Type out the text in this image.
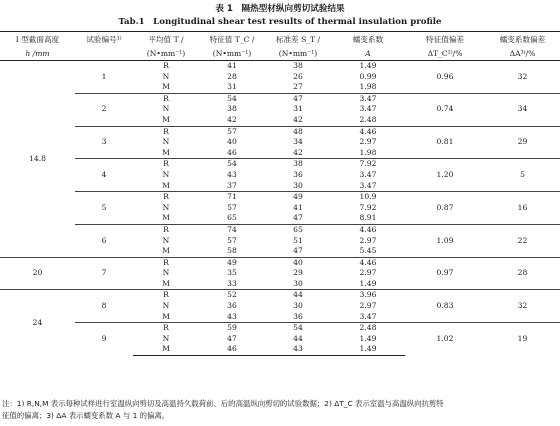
表 1　隔热型材纵向剪切试验结果
Tab.1　Longitudinal shear test results of thermal insulation profile
I 型截面高度	试验编号¹⁾	平均值 T /	特征值 T_C /	标准差 S_T /	蠕变系数	特征值偏差	蠕变系数偏差	
h /mm		(N•mm⁻¹)	(N•mm⁻¹)	(N•mm⁻¹)	A	ΔT_C²⁾/%	ΔA³⁾/%	
14.8	1	R	41	38	1.49	0.96	32	
		N	28	26	0.99			
		M	31	27	1.98			
	2	R	54	47	3.47	0.74	34	
		N	38	31	3.47			
		M	42	42	2.48			
	3	R	57	48	4.46	0.81	29	
		N	40	34	2.97			
		M	46	42	1.98			
	4	R	54	38	7.92	1.20	5	
		N	43	36	3.47			
		M	37	30	3.47			
	5	R	71	49	10.9	0.87	16	
		N	57	41	7.92			
		M	65	47	8.91			
	6	R	74	65	4.46	1.09	22	
		N	57	51	2.97			
		M	58	47	5.45			
20	7	R	49	40	4.46	0.97	28	
		N	35	29	2.97			
		M	33	30	1.49			
24	8	R	52	44	3.96	0.83	32	
		N	36	30	2.97			
		M	43	36	3.47			
	9	R	59	54	2.48	1.02	19	
		N	47	44	1.49			
		M	46	43	1.49			
注：1) R,N,M 表示每种试样进行室温纵向剪切及高温持久载荷前、后的高温纵向剪切的试验数据；2) ΔT_C 表示室温与高温纵向抗剪特
征值的偏离；3) ΔA 表示蠕变系数 A 与 1 的偏离。
